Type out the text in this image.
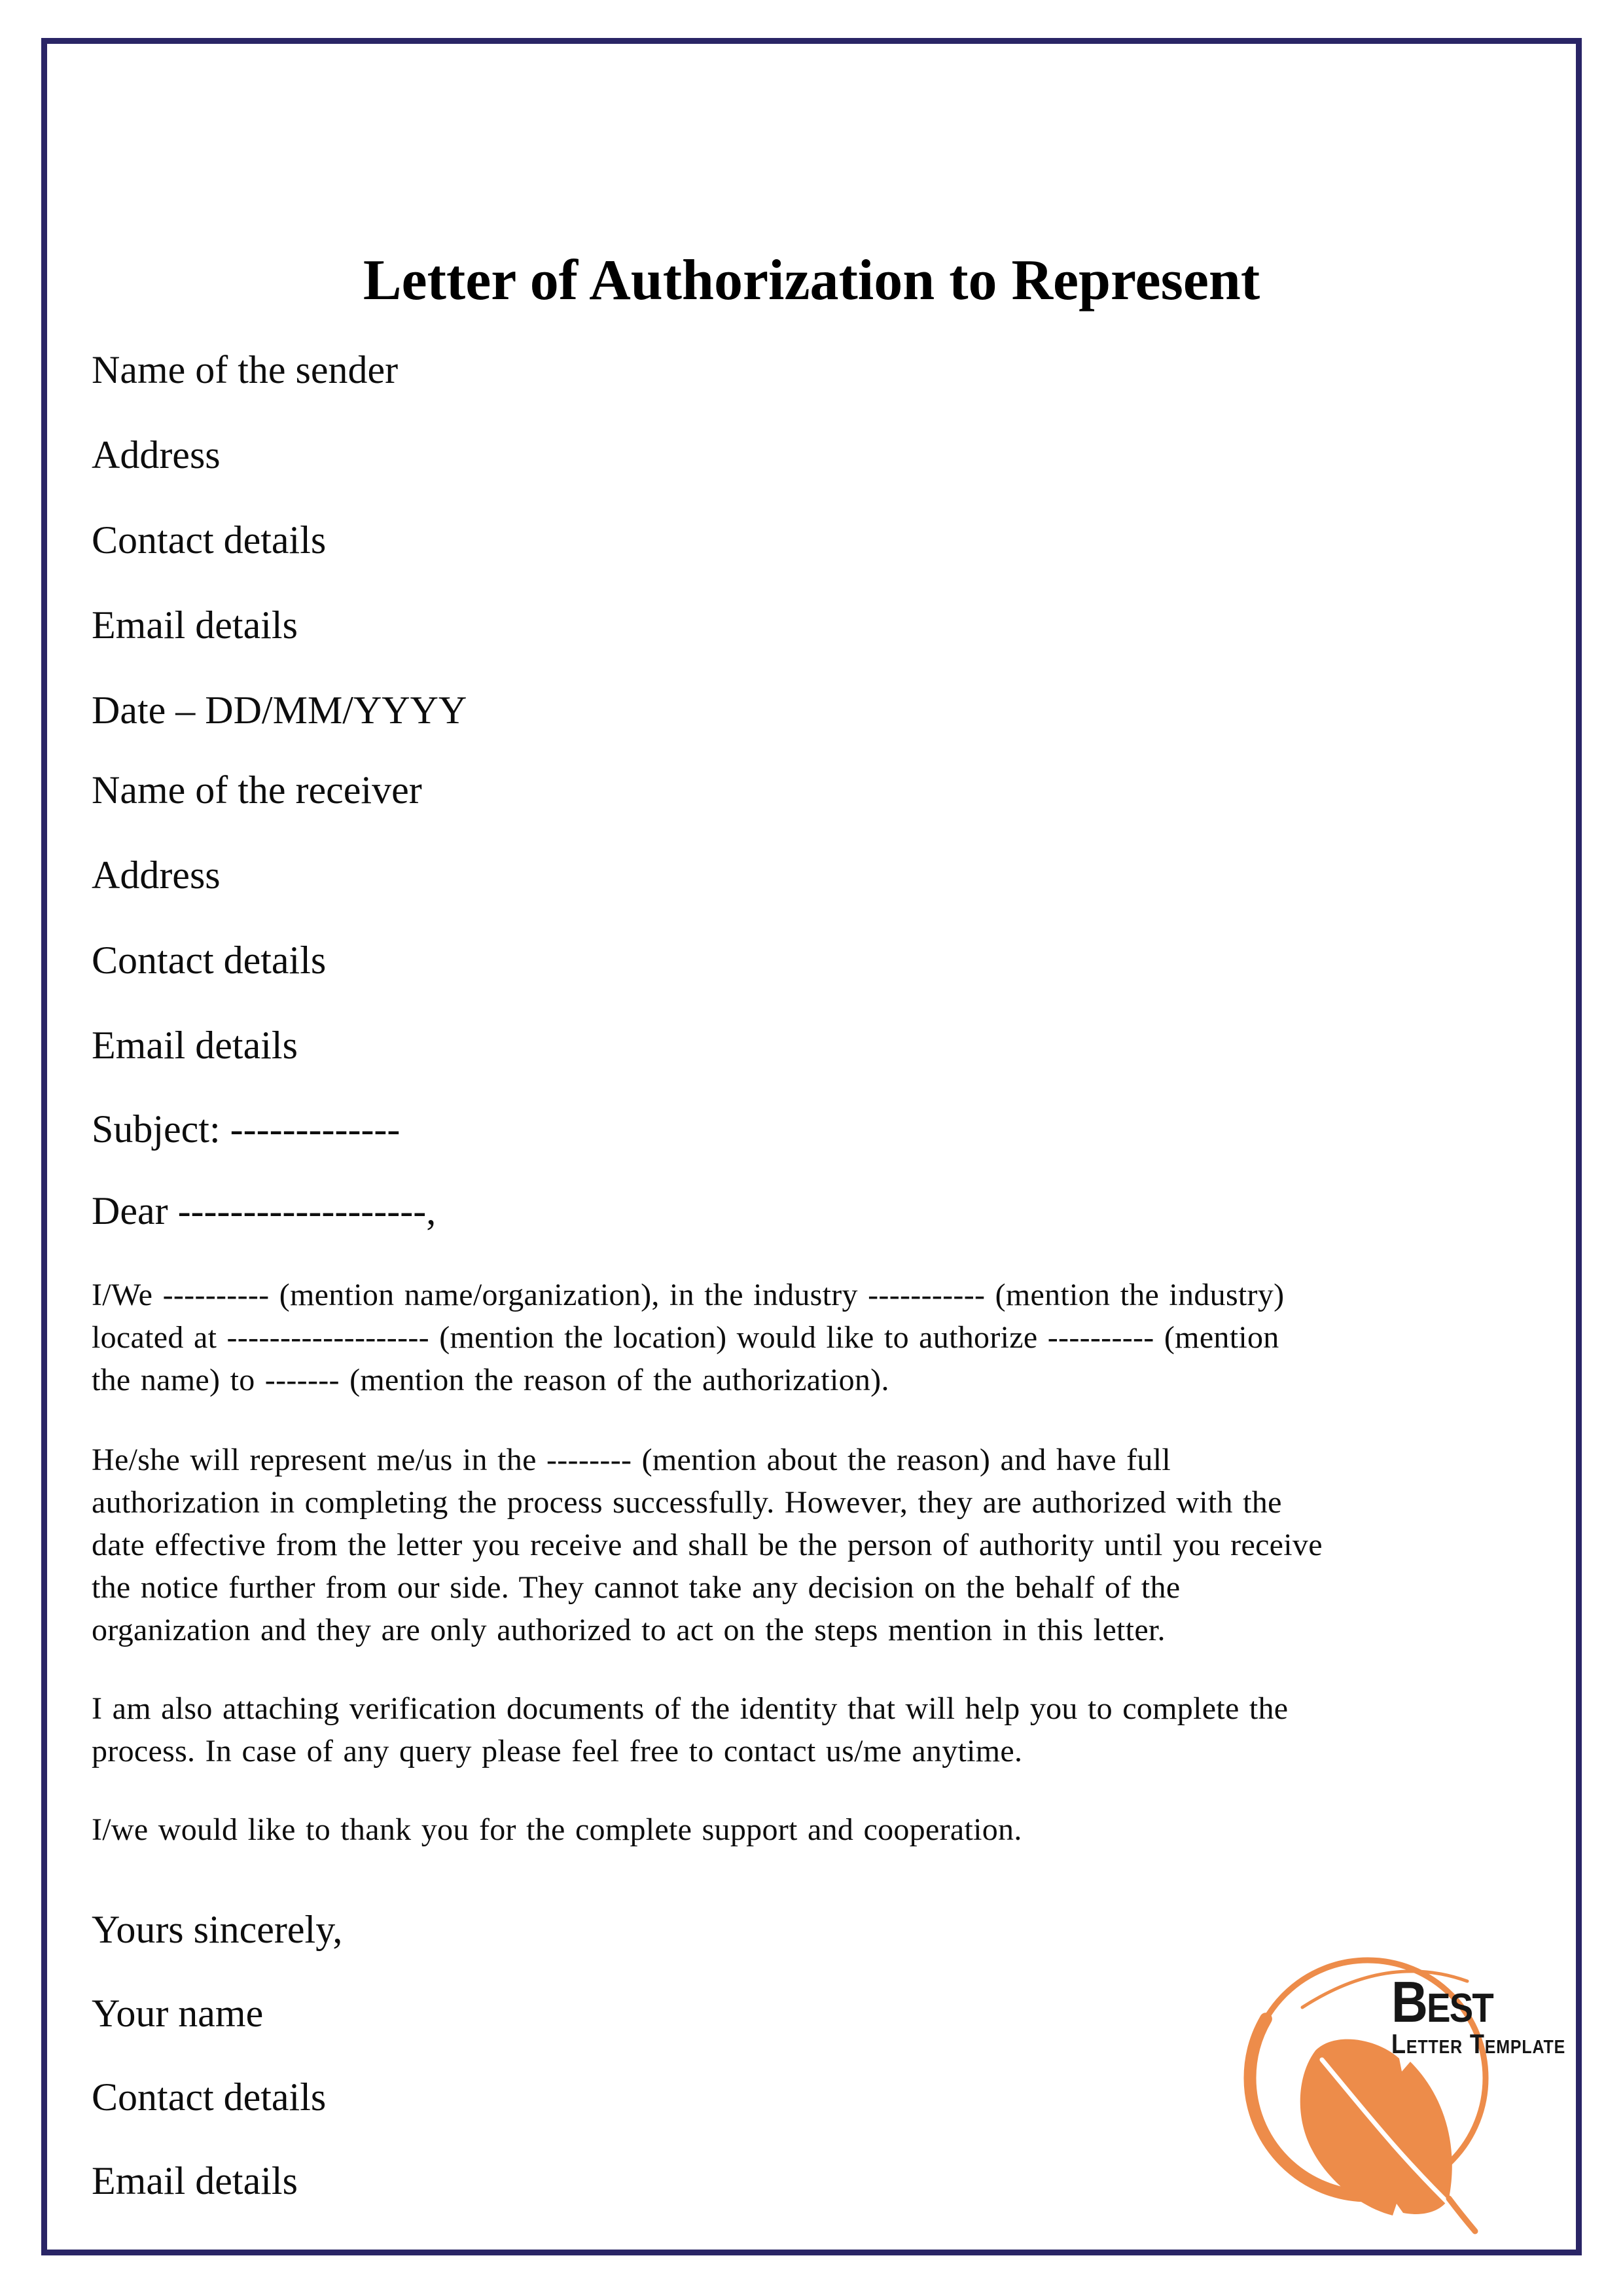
Letter of Authorization to Represent
Name of the sender
Address
Contact details
Email details
Date – DD/MM/YYYY
Name of the receiver
Address
Contact details
Email details
Subject: -------------
Dear -------------------,
I/We ---------- (mention name/organization), in the industry ----------- (mention the industry)
located at ------------------- (mention the location) would like to authorize ---------- (mention
the name) to ------- (mention the reason of the authorization).
He/she will represent me/us in the -------- (mention about the reason) and have full
authorization in completing the process successfully. However, they are authorized with the
date effective from the letter you receive and shall be the person of authority until you receive
the notice further from our side. They cannot take any decision on the behalf of the
organization and they are only authorized to act on the steps mention in this letter.
I am also attaching verification documents of the identity that will help you to complete the
process. In case of any query please feel free to contact us/me anytime.
I/we would like to thank you for the complete support and cooperation.
Yours sincerely,
Your name
Contact details
Email details
Best
Letter Template
